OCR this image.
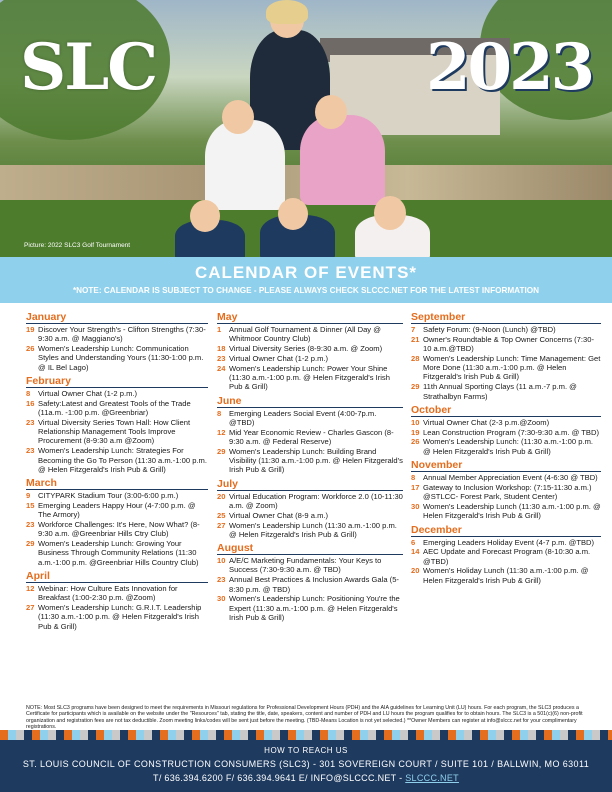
SLC	2023
Picture: 2022 SLC3 Golf Tournament
CALENDAR OF EVENTS*
*NOTE: CALENDAR IS SUBJECT TO CHANGE - PLEASE ALWAYS CHECK SLCCC.NET FOR THE LATEST INFORMATION
January
19 Discover Your Strength's - Clifton Strengths (7:30-9:30 a.m. @ Maggiano's)
26 Women's Leadership Lunch: Communication Styles and Understanding Yours (11:30-1:00 p.m. @ IL Bel Lago)
February
8	Virtual Owner Chat (1-2 p.m.)
16 Safety:Latest and Greatest Tools of the Trade (11a.m. -1:00 p.m. @Greenbriar)
23 Virtual Diversity Series Town Hall: How Client Relationship Management Tools Improve Procurement (8-9:30 a.m @Zoom)
23 Women's Leadership Lunch: Strategies For Becoming the Go To Person (11:30 a.m.-1:00 p.m. @ Helen Fitzgerald's Irish Pub & Grill)
March
9	CITYPARK Stadium Tour (3:00-6:00 p.m.)
15 Emerging Leaders Happy Hour (4-7:00 p.m. @ The Armory)
23 Workforce Challenges: It's Here, Now What? (8-9:30 a.m. @Greenbriar Hills Ctry Club)
29 Women's Leadership Lunch: Growing Your Business Through Community Relations (11:30 a.m.-1:00 p.m. @Greenbriar Hills Country Club)
April
12 Webinar: How Culture Eats Innovation for Breakfast (1:00-2:30 p.m. @Zoom)
27 Women's Leadership Lunch: G.R.I.T. Leadership (11:30 a.m.-1:00 p.m. @ Helen Fitzgerald's Irish Pub & Grill)
May
1	Annual Golf Tournament & Dinner (All Day @ Whitmoor Country Club)
18 Virtual Diversity Series (8-9:30 a.m. @ Zoom)
23 Virtual Owner Chat (1-2 p.m.)
24 Women's Leadership Lunch: Power Your Shine (11:30 a.m.-1:00 p.m. @ Helen Fitzgerald's Irish Pub & Grill)
June
8	Emerging Leaders Social Event (4:00-7p.m. @TBD)
12 Mid Year Economic Review - Charles Gascon (8-9:30 a.m. @ Federal Reserve)
29 Women's Leadership Lunch: Building Brand Visibility (11:30 a.m.-1:00 p.m. @ Helen Fitzgerald's Irish Pub & Grill)
July
20 Virtual Education Program: Workforce 2.0 (10-11:30 a.m. @ Zoom)
25 Virtual Owner Chat (8-9 a.m.)
27 Women's Leadership Lunch (11:30 a.m.-1:00 p.m. @ Helen Fitzgerald's Irish Pub & Grill)
August
10 A/E/C Marketing Fundamentals: Your Keys to Success (7:30-9:30 a.m. @ TBD)
23 Annual Best Practices & Inclusion Awards Gala (5-8:30 p.m. @ TBD)
30 Women's Leadership Lunch: Positioning You're the Expert (11:30 a.m.-1:00 p.m. @ Helen Fitzgerald's Irish Pub & Grill)
September
7	Safety Forum: (9-Noon (Lunch) @TBD)
21 Owner's Roundtable & Top Owner Concerns (7:30-10 a.m.@TBD)
28 Women's Leadership Lunch: Time Management: Get More Done (11:30 a.m.-1:00 p.m. @ Helen Fitzgerald's Irish Pub & Grill)
29 11th Annual Sporting Clays (11 a.m.-7 p.m. @ Strathalbyn Farms)
October
10 Virtual Owner Chat (2-3 p.m.@Zoom)
19 Lean Construction Program (7:30-9:30 a.m. @ TBD)
26 Women's Leadership Lunch: (11:30 a.m.-1:00 p.m. @ Helen Fitzgerald's Irish Pub & Grill)
November
8	Annual Member Appreciation Event (4-6:30 @ TBD)
17 Gateway to Inclusion Workshop: (7:15-11:30 a.m.) @STLCC- Forest Park, Student Center)
30 Women's Leadership Lunch (11:30 a.m.-1:00 p.m. @ Helen Fitzgerald's Irish Pub & Grill)
December
6	Emerging Leaders Holiday Event (4-7 p.m. @TBD)
14 AEC Update and Forecast Program (8-10:30 a.m. @TBD)
20 Women's Holiday Lunch (11:30 a.m.-1:00 p.m. @ Helen Fitzgerald's Irish Pub & Grill)
NOTE: Most SLC3 programs have been designed to meet the requirements in Missouri regulations for Professional Development Hours (PDH) and the AIA guidelines for Learning Unit (LU) hours. For each program, the SLC3 produces a Certificate for participants which is available on the website under the "Resources" tab, stating the title, date, speakers, content and number of PDH and LU hours the program qualifies for to obtain hours. The SLC3 is a 501(c)(6) non-profit organization and registration fees are not tax deductible. Zoom meeting links/codes will be sent just before the meeting. (TBD-Means Location is not yet selected.) **Owner Members can register at info@slccc.net for your complimentary registrations.
HOW TO REACH US
ST. LOUIS COUNCIL OF CONSTRUCTION CONSUMERS (SLC3) - 301 SOVEREIGN COURT / SUITE 101 / BALLWIN, MO 63011
T/ 636.394.6200 F/ 636.394.9641 E/ INFO@SLCCC.NET - SLCCC.NET
